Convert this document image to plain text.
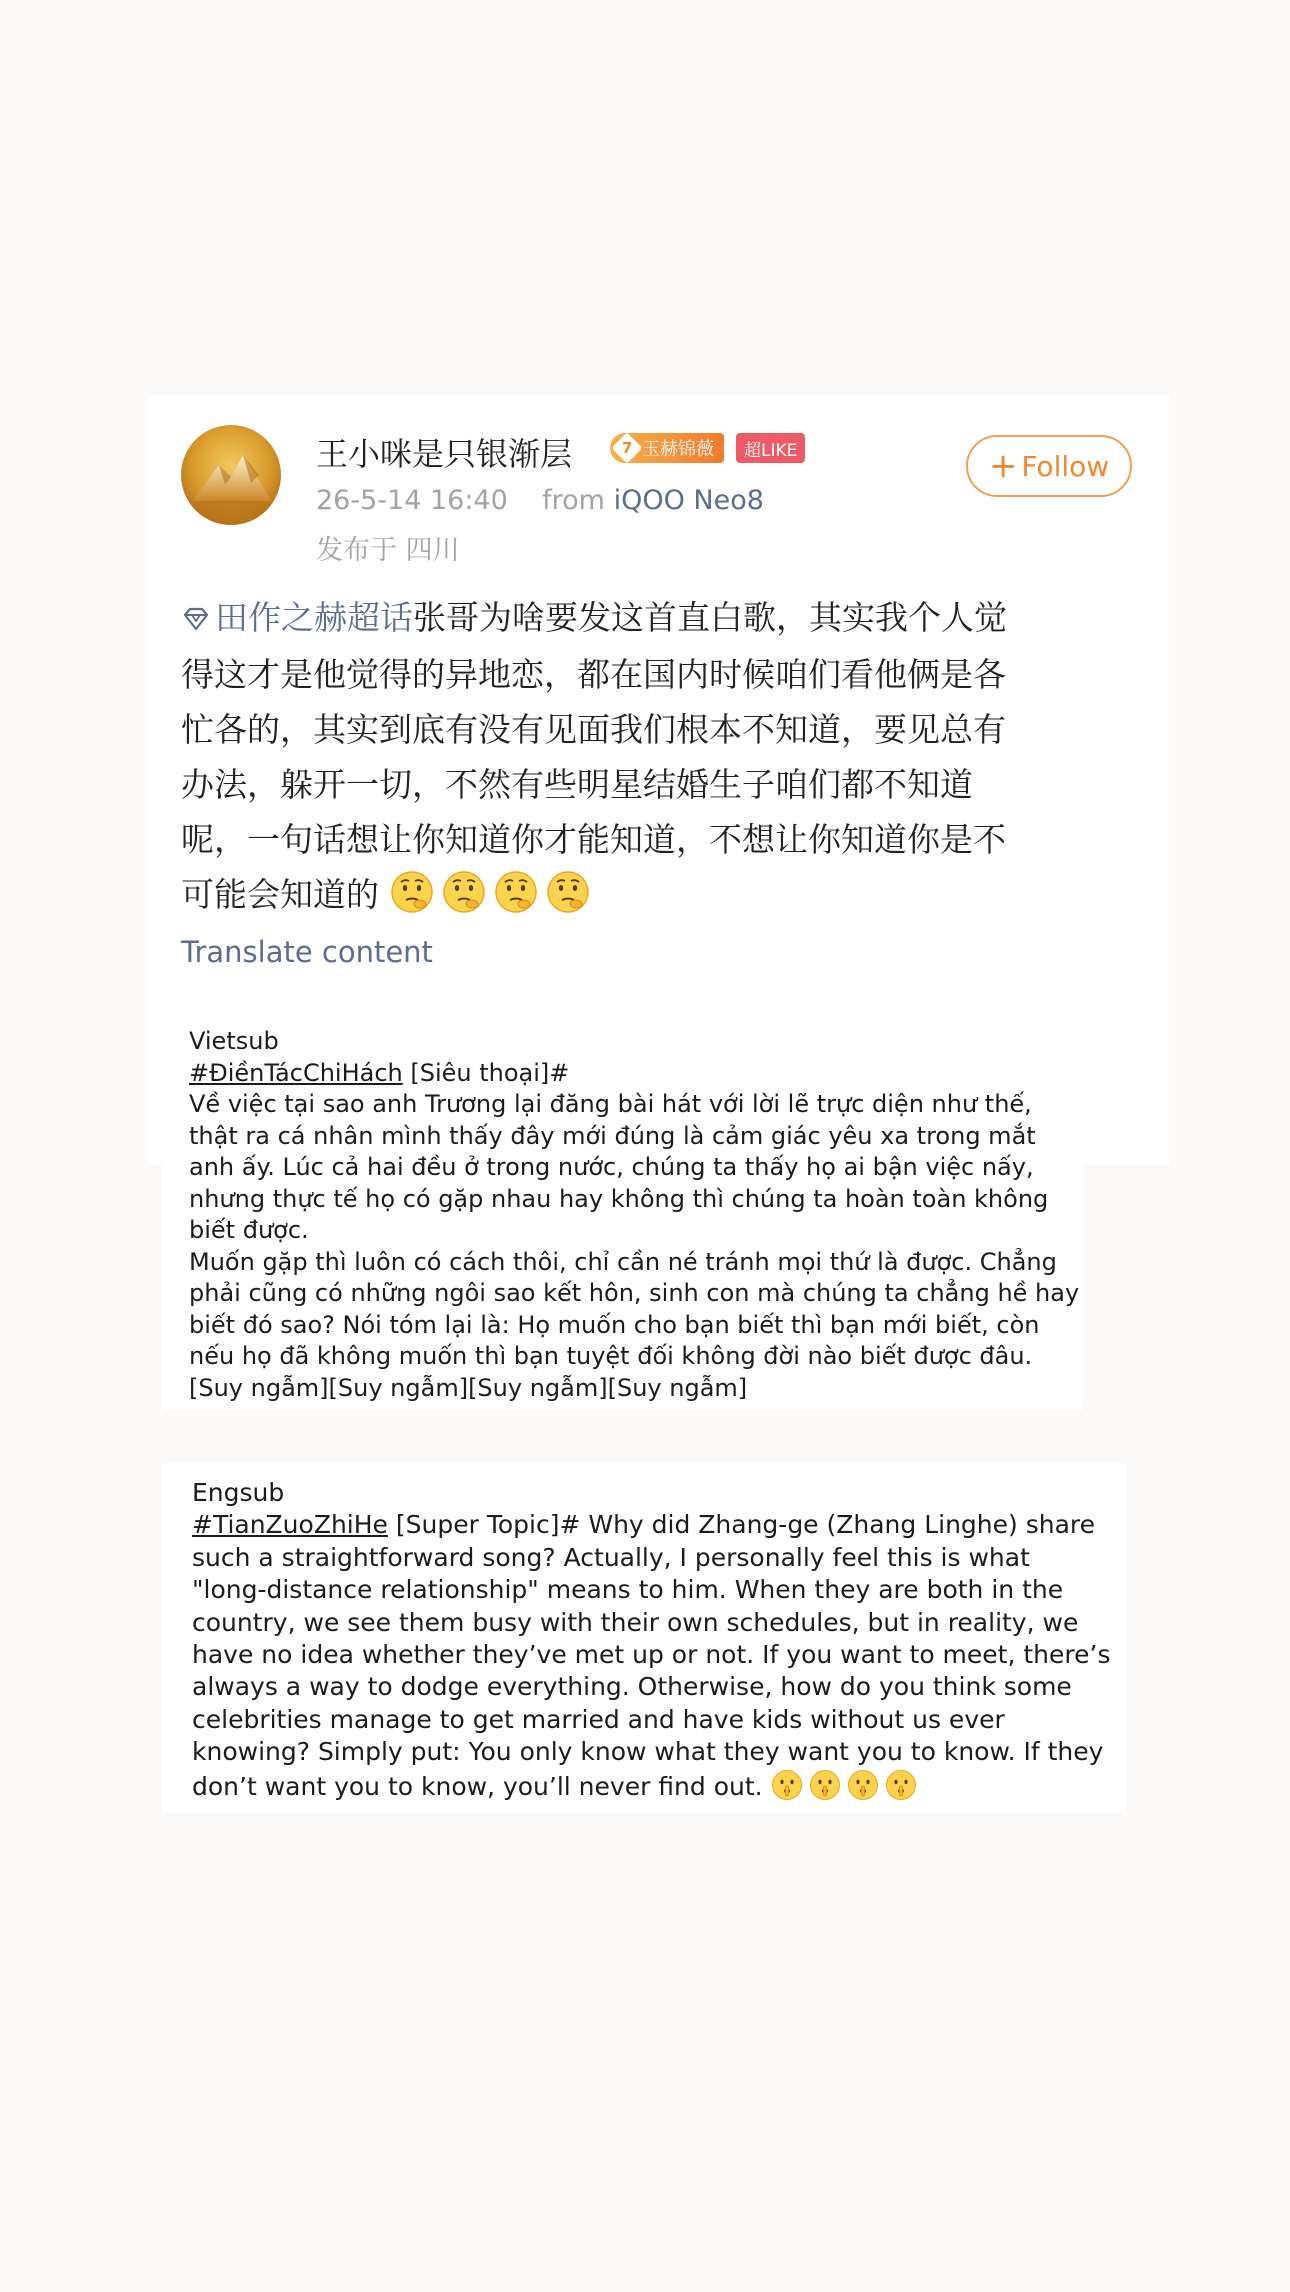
王小咪是只银渐层	7 玉赫锦薇	超LIKE
26-5-14 16:40 from iQOO Neo8
发布于 四川
+ Follow
田作之赫超话张哥为啥要发这首直白歌，其实我个人觉
得这才是他觉得的异地恋，都在国内时候咱们看他俩是各
忙各的，其实到底有没有见面我们根本不知道，要见总有
办法，躲开一切，不然有些明星结婚生子咱们都不知道
呢，一句话想让你知道你才能知道，不想让你知道你是不
可能会知道的
Translate content
Vietsub
#ĐiềnTácChiHách [Siêu thoại]#
Về việc tại sao anh Trương lại đăng bài hát với lời lẽ trực diện như thế,
thật ra cá nhân mình thấy đây mới đúng là cảm giác yêu xa trong mắt
anh ấy. Lúc cả hai đều ở trong nước, chúng ta thấy họ ai bận việc nấy,
nhưng thực tế họ có gặp nhau hay không thì chúng ta hoàn toàn không
biết được.
Muốn gặp thì luôn có cách thôi, chỉ cần né tránh mọi thứ là được. Chẳng
phải cũng có những ngôi sao kết hôn, sinh con mà chúng ta chẳng hề hay
biết đó sao? Nói tóm lại là: Họ muốn cho bạn biết thì bạn mới biết, còn
nếu họ đã không muốn thì bạn tuyệt đối không đời nào biết được đâu.
[Suy ngẫm][Suy ngẫm][Suy ngẫm][Suy ngẫm]
Engsub
#TianZuoZhiHe [Super Topic]# Why did Zhang-ge (Zhang Linghe) share
such a straightforward song? Actually, I personally feel this is what
"long-distance relationship" means to him. When they are both in the
country, we see them busy with their own schedules, but in reality, we
have no idea whether they’ve met up or not. If you want to meet, there’s
always a way to dodge everything. Otherwise, how do you think some
celebrities manage to get married and have kids without us ever
knowing? Simply put: You only know what they want you to know. If they
don’t want you to know, you’ll never find out.
